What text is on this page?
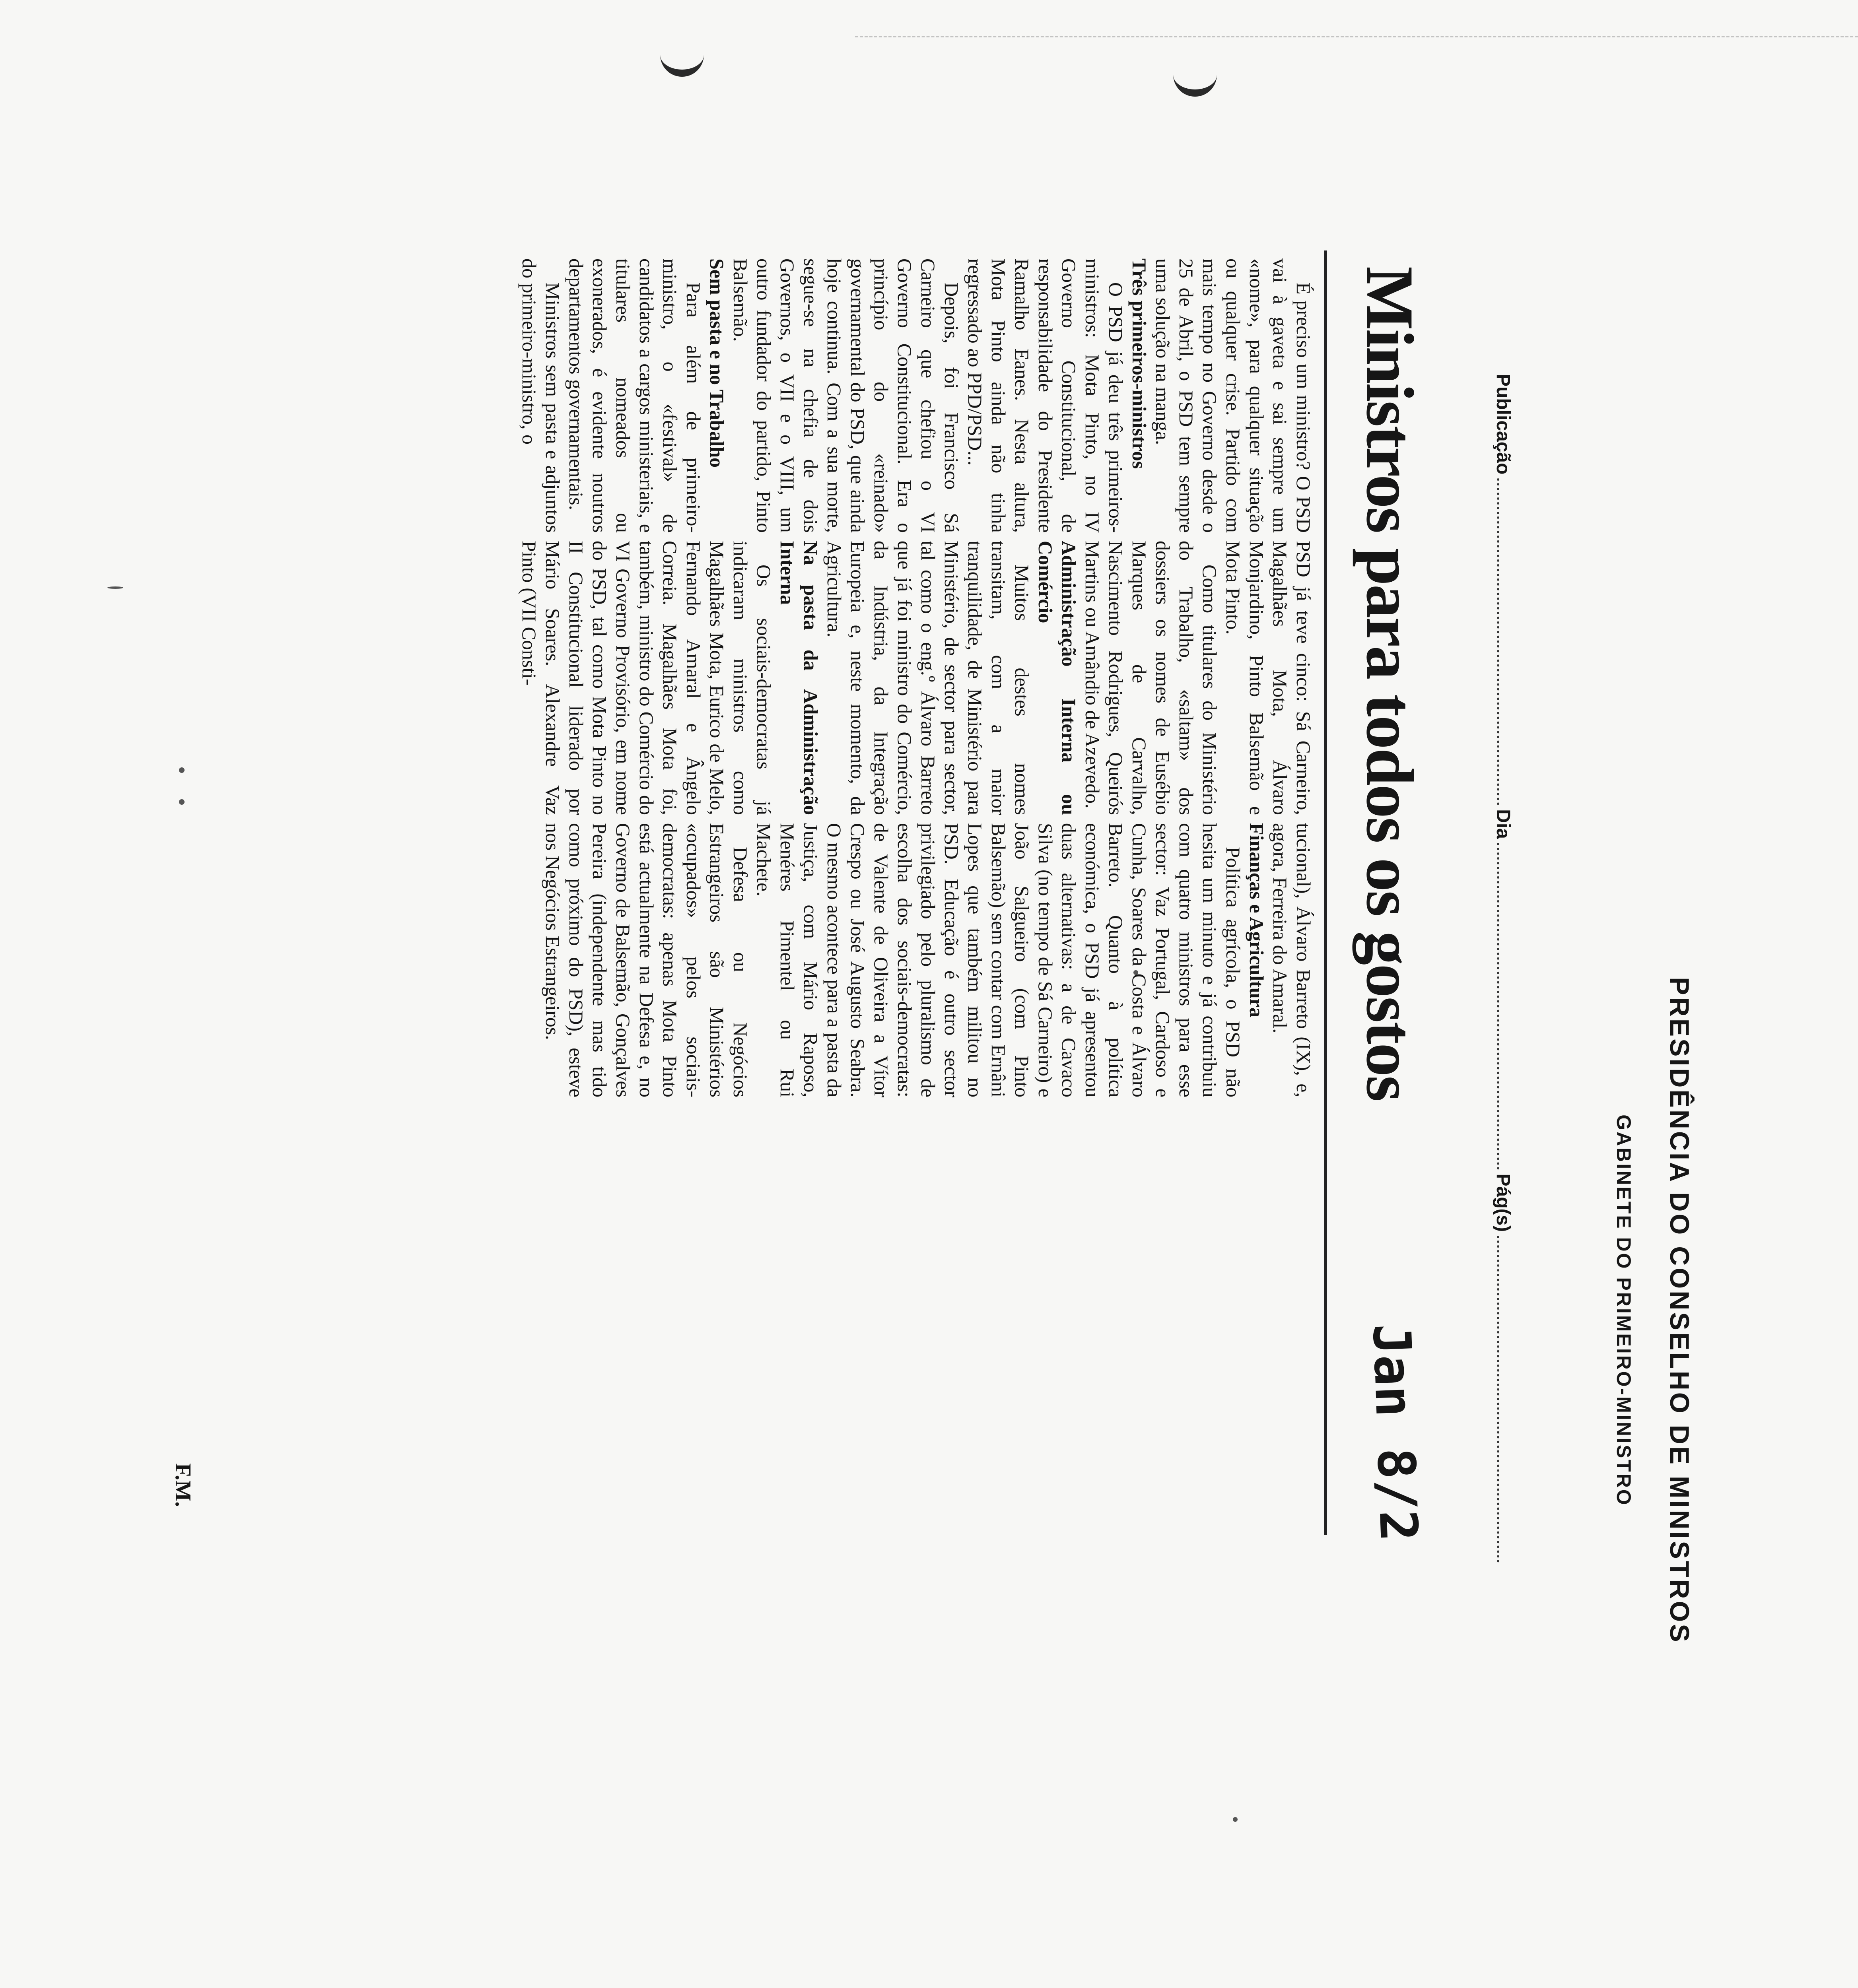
PRESIDÊNCIA DO CONSELHO DE MINISTROS
GABINETE DO PRIMEIRO-MINISTRO
Publicação
Dia
Pág(s)
Ministros para todos os gostos
Jan 8/2

É preciso um ministro? O PSD vai à gaveta e sai sempre um «nome», para qualquer situação ou qualquer crise. Partido com mais tempo no Governo desde o 25 de Abril, o PSD tem sempre uma solução na manga.

Três primeiros-ministros

O PSD já deu três primeiros-ministros: Mota Pinto, no IV Governo Constitucional, de responsabilidade do Presidente Ramalho Eanes. Nesta altura, Mota Pinto ainda não tinha regressado ao PPD/PSD...

Depois, foi Francisco Sá Carneiro que chefiou o VI Governo Constitucional. Era o princípio do «reinado» governamental do PSD, que ainda hoje continua. Com a sua morte, segue-se na chefia de dois Governos, o VII e o VIII, um outro fundador do partido, Pinto Balsemão.

Sem pasta e no Trabalho

Para além de primeiro-ministro, o «festival» de candidatos a cargos ministeriais, e titulares nomeados ou exonerados, é evidente noutros departamentos governamentais.

Ministros sem pasta e adjuntos do primeiro-ministro, o

PSD já teve cinco: Sá Carneiro, Magalhães Mota, Álvaro Monjardino, Pinto Balsemão e Mota Pinto.

Como titulares do Ministério do Trabalho, «saltam» dos dossiers os nomes de Eusébio Marques de Carvalho, Nascimento Rodrigues, Queirós Martins ou Amândio de Azevedo.

Administração Interna ou Comércio

Muitos destes nomes transitam, com a maior tranquilidade, de Ministério para Ministério, de sector para sector, tal como o eng.º Álvaro Barreto que já foi ministro do Comércio, da Indústria, da Integração Europeia e, neste momento, da Agricultura.

Na pasta da Administração Interna

Os sociais-democratas já indicaram ministros como Magalhães Mota, Eurico de Melo, Fernando Amaral e Ângelo Correia. Magalhães Mota foi, também, ministro do Comércio do VI Governo Provisório, em nome do PSD, tal como Mota Pinto no II Constitucional liderado por Mário Soares. Alexandre Vaz Pinto (VII Consti-

tucional), Álvaro Barreto (IX), e, agora, Ferreira do Amaral.

Finanças e Agricultura

Política agrícola, o PSD não hesita um minuto e já contribuiu com quatro ministros para esse sector: Vaz Portugal, Cardoso e Cunha, Soares da Costa e Álvaro Barreto. Quanto à política económica, o PSD já apresentou duas alternativas: a de Cavaco Silva (no tempo de Sá Carneiro) e João Salgueiro (com Pinto Balsemão) sem contar com Ernâni Lopes que também militou no PSD. Educação é outro sector privilegiado pelo pluralismo de escolha dos sociais-democratas: de Valente de Oliveira a Vítor Crespo ou José Augusto Seabra. O mesmo acontece para a pasta da Justiça, com Mário Raposo, Menéres Pimentel ou Rui Machete.

Defesa ou Negócios Estrangeiros são Ministérios «ocupados» pelos sociais-democratas: apenas Mota Pinto está actualmente na Defesa e, no Governo de Balsemão, Gonçalves Pereira (independente mas tido como próximo do PSD), esteve nos Negócios Estrangeiros.

F.M.
